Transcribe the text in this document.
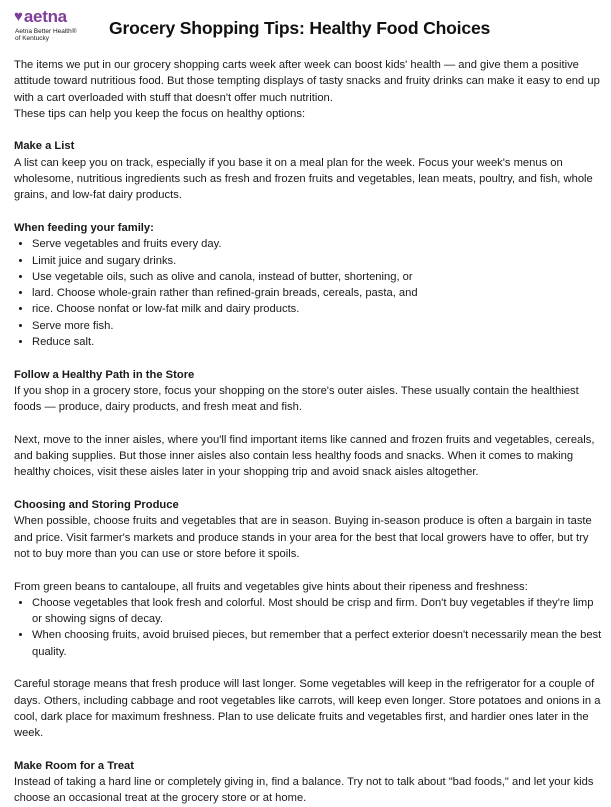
♥ aetna
Aetna Better Health®
of Kentucky
Grocery Shopping Tips: Healthy Food Choices

The items we put in our grocery shopping carts week after week can boost kids' health — and give them a positive attitude toward nutritious food. But those tempting displays of tasty snacks and fruity drinks can make it easy to end up with a cart overloaded with stuff that doesn't offer much nutrition.

These tips can help you keep the focus on healthy options:

Make a List

A list can keep you on track, especially if you base it on a meal plan for the week. Focus your week's menus on wholesome, nutritious ingredients such as fresh and frozen fruits and vegetables, lean meats, poultry, and fish, whole grains, and low-fat dairy products.

When feeding your family:

• Serve vegetables and fruits every day.
• Limit juice and sugary drinks.
• Use vegetable oils, such as olive and canola, instead of butter, shortening, or
• lard. Choose whole-grain rather than refined-grain breads, cereals, pasta, and
• rice. Choose nonfat or low-fat milk and dairy products.
• Serve more fish.
• Reduce salt.

Follow a Healthy Path in the Store

If you shop in a grocery store, focus your shopping on the store's outer aisles. These usually contain the healthiest foods — produce, dairy products, and fresh meat and fish.

Next, move to the inner aisles, where you'll find important items like canned and frozen fruits and vegetables, cereals, and baking supplies. But those inner aisles also contain less healthy foods and snacks. When it comes to making healthy choices, visit these aisles later in your shopping trip and avoid snack aisles altogether.

Choosing and Storing Produce

When possible, choose fruits and vegetables that are in season. Buying in-season produce is often a bargain in taste and price. Visit farmer's markets and produce stands in your area for the best that local growers have to offer, but try not to buy more than you can use or store before it spoils.

From green beans to cantaloupe, all fruits and vegetables give hints about their ripeness and freshness:

• Choose vegetables that look fresh and colorful. Most should be crisp and firm. Don't buy vegetables if they're limp or showing signs of decay.
• When choosing fruits, avoid bruised pieces, but remember that a perfect exterior doesn't necessarily mean the best quality.

Careful storage means that fresh produce will last longer. Some vegetables will keep in the refrigerator for a couple of days. Others, including cabbage and root vegetables like carrots, will keep even longer. Store potatoes and onions in a cool, dark place for maximum freshness. Plan to use delicate fruits and vegetables first, and hardier ones later in the week.

Make Room for a Treat

Instead of taking a hard line or completely giving in, find a balance. Try not to talk about "bad foods," and let your kids choose an occasional treat at the grocery store or at home.
